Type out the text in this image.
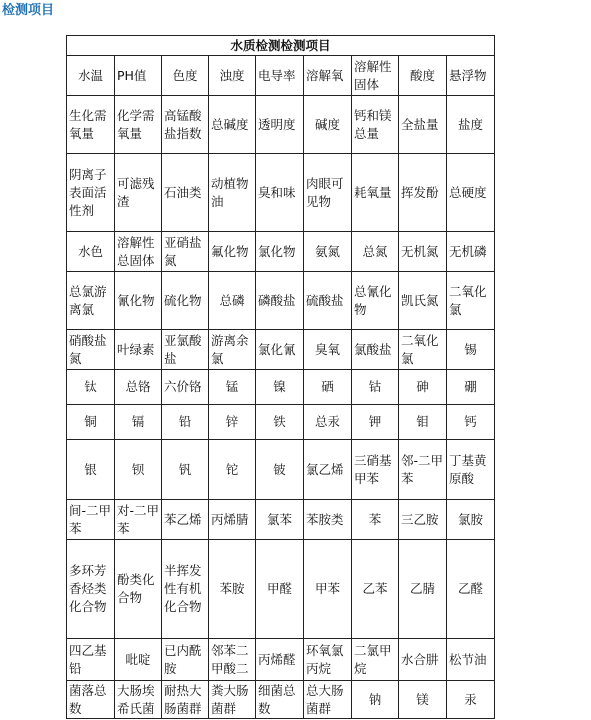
检测项目
水质检测检测项目								
水温	PH值	色度	浊度	电导率	溶解氧	溶解性固体	酸度	悬浮物
生化需氧量	化学需氧量	高锰酸盐指数	总碱度	透明度	碱度	钙和镁总量	全盐量	盐度
阴离子表面活性剂	可滤残渣	石油类	动植物油	臭和味	肉眼可见物	耗氧量	挥发酚	总硬度
水色	溶解性总固体	亚硝盐氮	氟化物	氯化物	氨氮	总氮	无机氮	无机磷
总氯游离氯	氰化物	硫化物	总磷	磷酸盐	硫酸盐	总氰化物	凯氏氮	二氧化氯
硝酸盐氮	叶绿素	亚氯酸盐	游离余氯	氯化氰	臭氧	氯酸盐	二氧化氯	锡
钛	总铬	六价铬	锰	镍	硒	钴	砷	硼
铜	镉	铅	锌	铁	总汞	钾	钼	钙
银	钡	钒	铊	铍	氯乙烯	三硝基甲苯	邻-二甲苯	丁基黄原酸
间-二甲苯	对-二甲苯	苯乙烯	丙烯腈	氯苯	苯胺类	苯	三乙胺	氯胺
多环芳香烃类化合物	酚类化合物	半挥发性有机化合物	苯胺	甲醛	甲苯	乙苯	乙腈	乙醛
四乙基铅	吡啶	已内酰胺	邻苯二甲酸二	丙烯醛	环氧氯丙烷	二氯甲烷	水合肼	松节油
菌落总数	大肠埃希氏菌	耐热大肠菌群	粪大肠菌群	细菌总数	总大肠菌群	钠	镁	汞
